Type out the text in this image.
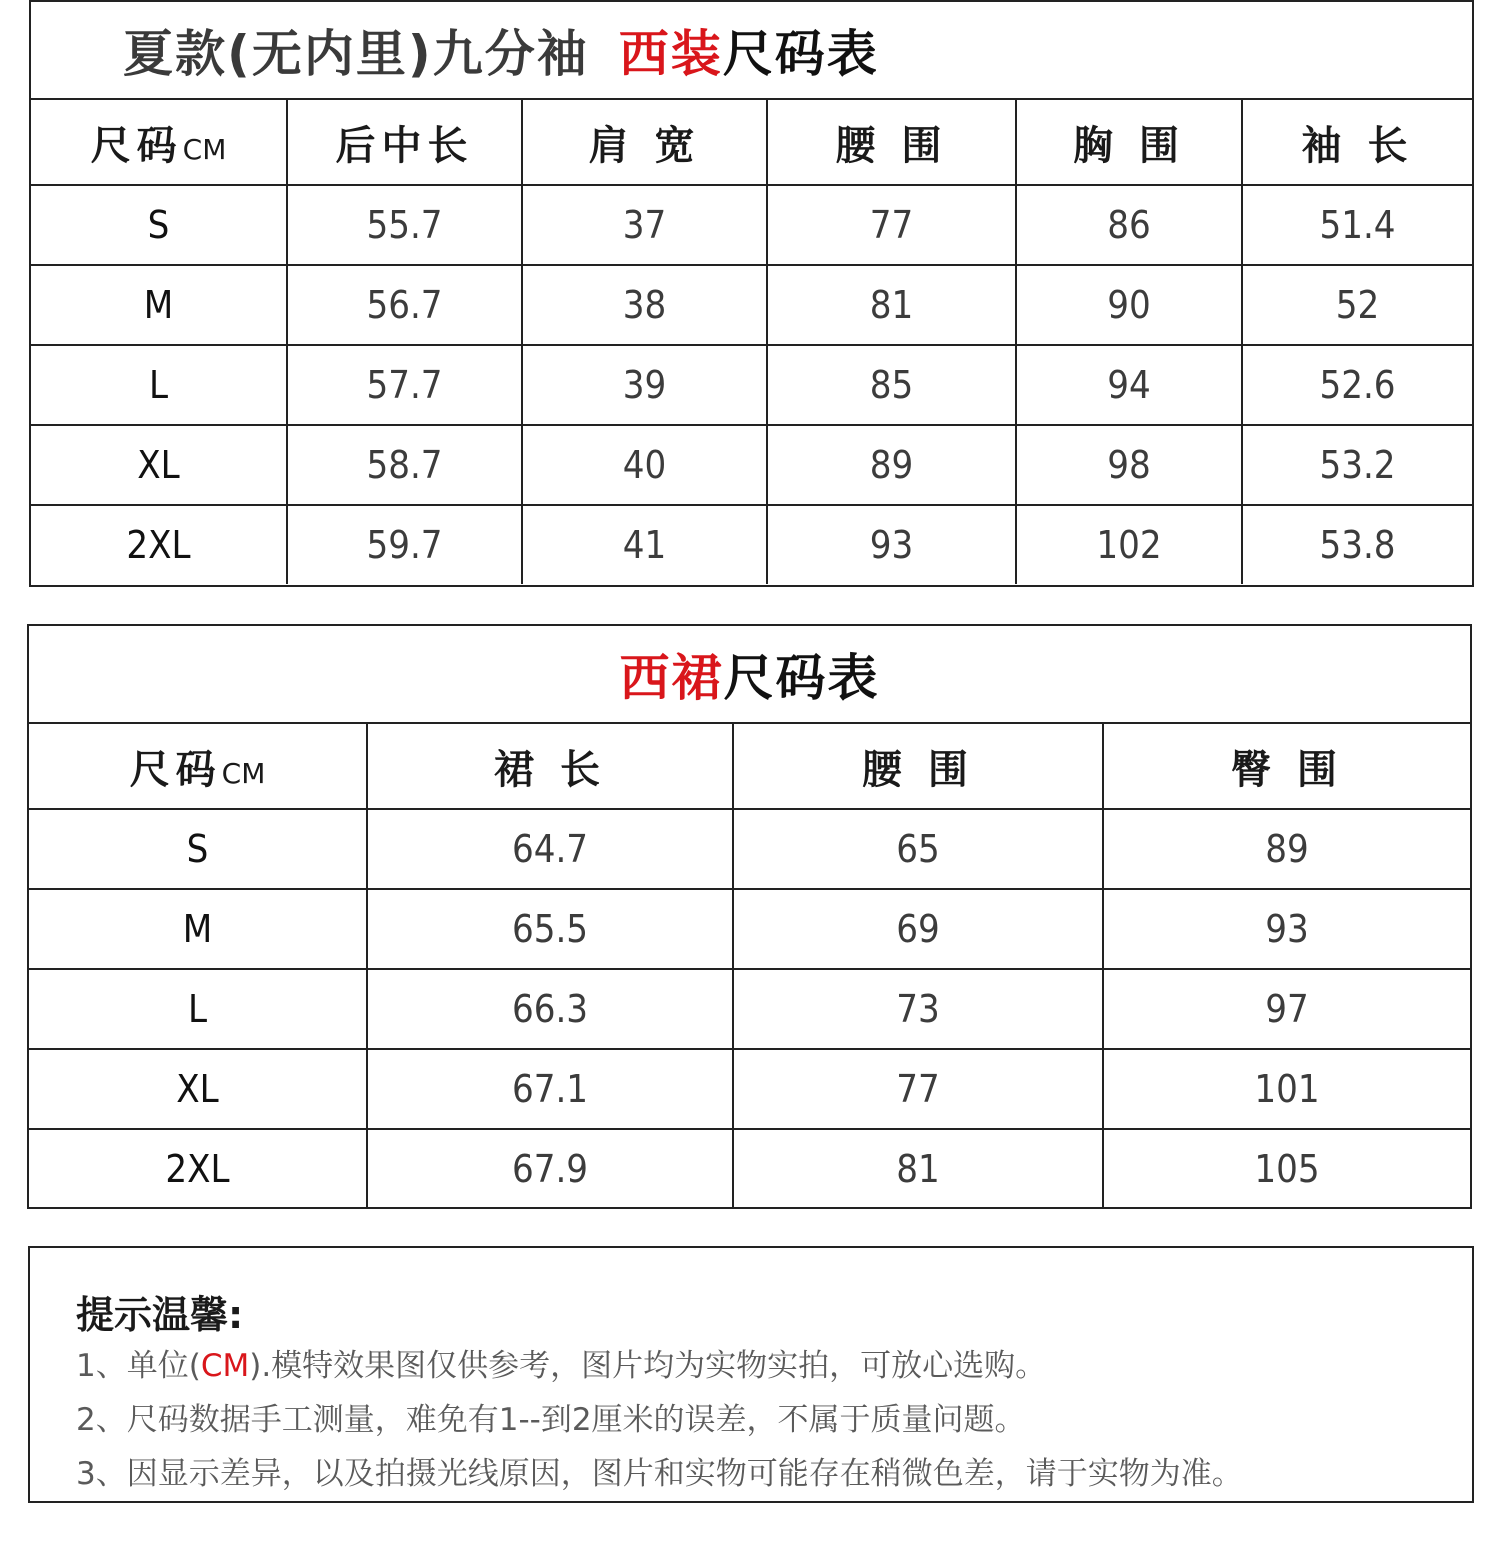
夏款(无内里)九分袖 西装 尺码表
尺码CM	后中长	肩 宽	腰 围	胸 围	袖 长
S	55.7	37	77	86	51.4
M	56.7	38	81	90	52
L	57.7	39	85	94	52.6
XL	58.7	40	89	98	53.2
2XL	59.7	41	93	102	53.8
西裙 尺码表
尺码CM	裙 长	腰 围	臀 围
S	64.7	65	89
M	65.5	69	93
L	66.3	73	97
XL	67.1	77	101
2XL	67.9	81	105
提示温馨:
1、单位(CM).模特效果图仅供参考，图片均为实物实拍，可放心选购。
2、尺码数据手工测量，难免有1--到2厘米的误差，不属于质量问题。
3、因显示差异，以及拍摄光线原因，图片和实物可能存在稍微色差，请于实物为准。
